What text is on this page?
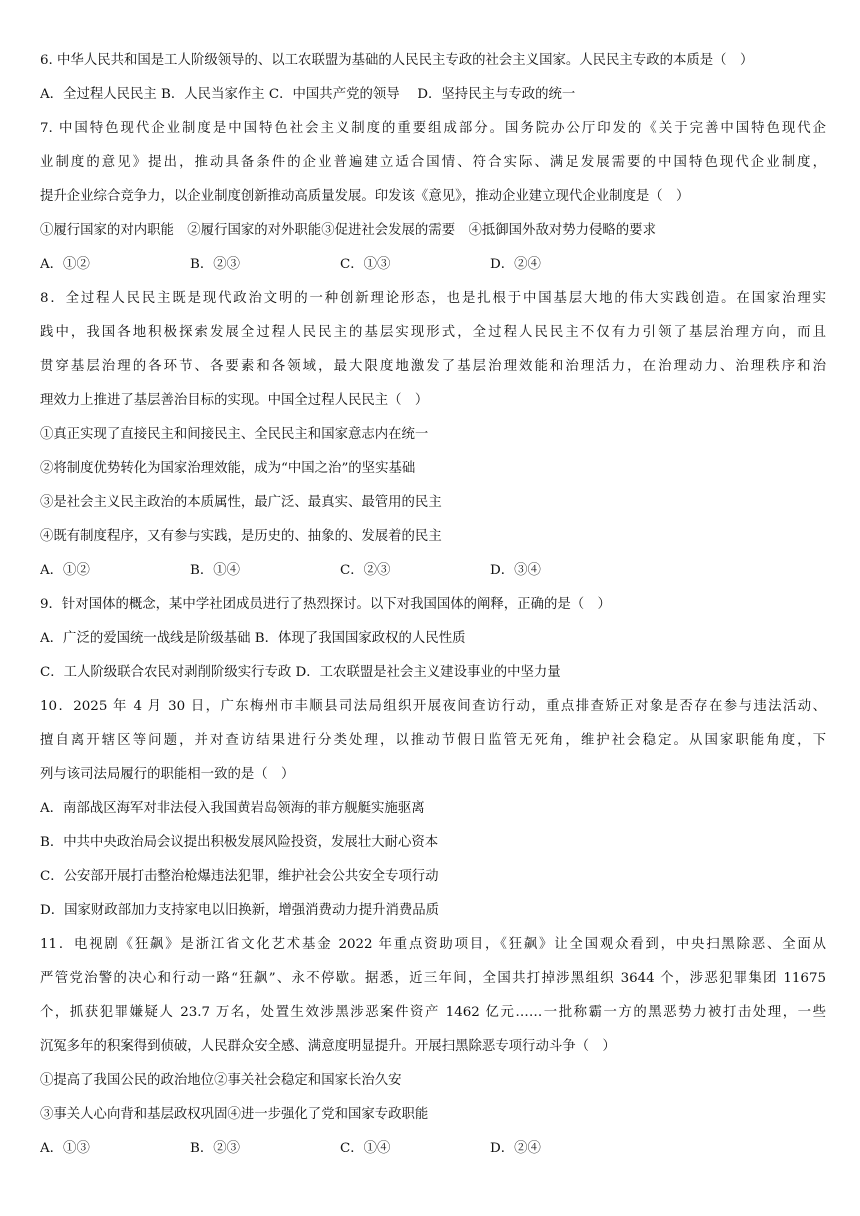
6. 中华人民共和国是工人阶级领导的、以工农联盟为基础的人民民主专政的社会主义国家。人民民主专政的本质是（　）
A．全过程人民民主 B．人民当家作主 C．中国共产党的领导　 D．坚持民主与专政的统一
7. 中国特色现代企业制度是中国特色社会主义制度的重要组成部分。国务院办公厅印发的《关于完善中国特色现代企
业制度的意见》提出，推动具备条件的企业普遍建立适合国情、符合实际、满足发展需要的中国特色现代企业制度，
提升企业综合竞争力，以企业制度创新推动高质量发展。印发该《意见》，推动企业建立现代企业制度是（　）
①履行国家的对内职能　②履行国家的对外职能③促进社会发展的需要　④抵御国外敌对势力侵略的要求
A．①②	B．②③	C．①③	D．②④
8．全过程人民民主既是现代政治文明的一种创新理论形态，也是扎根于中国基层大地的伟大实践创造。在国家治理实
践中，我国各地积极探索发展全过程人民民主的基层实现形式，全过程人民民主不仅有力引领了基层治理方向，而且
贯穿基层治理的各环节、各要素和各领域，最大限度地激发了基层治理效能和治理活力，在治理动力、治理秩序和治
理效力上推进了基层善治目标的实现。中国全过程人民民主（　）
①真正实现了直接民主和间接民主、全民民主和国家意志内在统一
②将制度优势转化为国家治理效能，成为“中国之治”的坚实基础
③是社会主义民主政治的本质属性，最广泛、最真实、最管用的民主
④既有制度程序，又有参与实践，是历史的、抽象的、发展着的民主
A．①②	B．①④	C．②③	D．③④
9．针对国体的概念，某中学社团成员进行了热烈探讨。以下对我国国体的阐释，正确的是（　）
A．广泛的爱国统一战线是阶级基础 B．体现了我国国家政权的人民性质
C．工人阶级联合农民对剥削阶级实行专政 D．工农联盟是社会主义建设事业的中坚力量
10．2025 年 4 月 30 日，广东梅州市丰顺县司法局组织开展夜间查访行动，重点排查矫正对象是否存在参与违法活动、
擅自离开辖区等问题，并对查访结果进行分类处理，以推动节假日监管无死角，维护社会稳定。从国家职能角度，下
列与该司法局履行的职能相一致的是（　）
A．南部战区海军对非法侵入我国黄岩岛领海的菲方舰艇实施驱离
B．中共中央政治局会议提出积极发展风险投资，发展壮大耐心资本
C．公安部开展打击整治枪爆违法犯罪，维护社会公共安全专项行动
D．国家财政部加力支持家电以旧换新，增强消费动力提升消费品质
11．电视剧《狂飙》是浙江省文化艺术基金 2022 年重点资助项目，《狂飙》让全国观众看到，中央扫黑除恶、全面从
严管党治警的决心和行动一路“狂飙”、永不停歇。据悉，近三年间，全国共打掉涉黑组织 3644 个，涉恶犯罪集团 11675
个，抓获犯罪嫌疑人 23.7 万名，处置生效涉黑涉恶案件资产 1462 亿元……一批称霸一方的黑恶势力被打击处理，一些
沉冤多年的积案得到侦破，人民群众安全感、满意度明显提升。开展扫黑除恶专项行动斗争（　）
①提高了我国公民的政治地位②事关社会稳定和国家长治久安
③事关人心向背和基层政权巩固④进一步强化了党和国家专政职能
A．①③	B．②③	C．①④	D．②④
